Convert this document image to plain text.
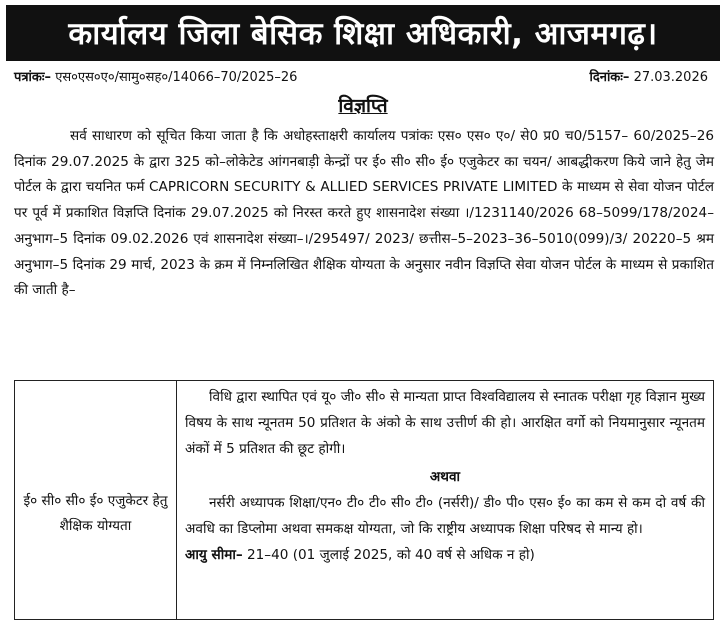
कार्यालय जिला बेसिक शिक्षा अधिकारी, आजमगढ़।
पत्रांकः– एस०एस०ए०/सामु०सह०/14066–70/2025–26	दिनांकः– 27.03.2026
विज्ञप्ति
सर्व साधारण को सूचित किया जाता है कि अधोहस्ताक्षरी कार्यालय पत्रांकः एस० एस० ए०/ से0 प्र0 च0/5157– 60/2025–26 दिनांक 29.07.2025 के द्वारा 325 को–लोकेटेड आंगनबाड़ी केन्द्रों पर ई० सी० सी० ई० एजुकेटर का चयन/ आबद्धीकरण किये जाने हेतु जेम पोर्टल के द्वारा चयनित फर्म CAPRICORN SECURITY & ALLIED SERVICES PRIVATE LIMITED के माध्यम से सेवा योजन पोर्टल पर पूर्व में प्रकाशित विज्ञप्ति दिनांक 29.07.2025 को निरस्त करते हुए शासनादेश संख्या ।/1231140/2026 68–5099/178/2024–अनुभाग–5 दिनांक 09.02.2026 एवं शासनादेश संख्या–।/295497/ 2023/ छत्तीस–5–2023–36–5010(099)/3/ 20220–5 श्रम अनुभाग–5 दिनांक 29 मार्च, 2023 के क्रम में निम्नलिखित शैक्षिक योग्यता के अनुसार नवीन विज्ञप्ति सेवा योजन पोर्टल के माध्यम से प्रकाशित की जाती है–
ई० सी० सी० ई० एजुकेटर हेतु शैक्षिक योग्यता
विधि द्वारा स्थापित एवं यू० जी० सी० से मान्यता प्राप्त विश्वविद्यालय से स्नातक परीक्षा गृह विज्ञान मुख्य विषय के साथ न्यूनतम 50 प्रतिशत के अंको के साथ उत्तीर्ण की हो। आरक्षित वर्गो को नियमानुसार न्यूनतम अंकों में 5 प्रतिशत की छूट होगी।
अथवा
नर्सरी अध्यापक शिक्षा/एन० टी० टी० सी० टी० (नर्सरी)/ डी० पी० एस० ई० का कम से कम दो वर्ष की अवधि का डिप्लोमा अथवा समकक्ष योग्यता, जो कि राष्ट्रीय अध्यापक शिक्षा परिषद से मान्य हो।
आयु सीमा– 21–40 (01 जुलाई 2025, को 40 वर्ष से अधिक न हो)
